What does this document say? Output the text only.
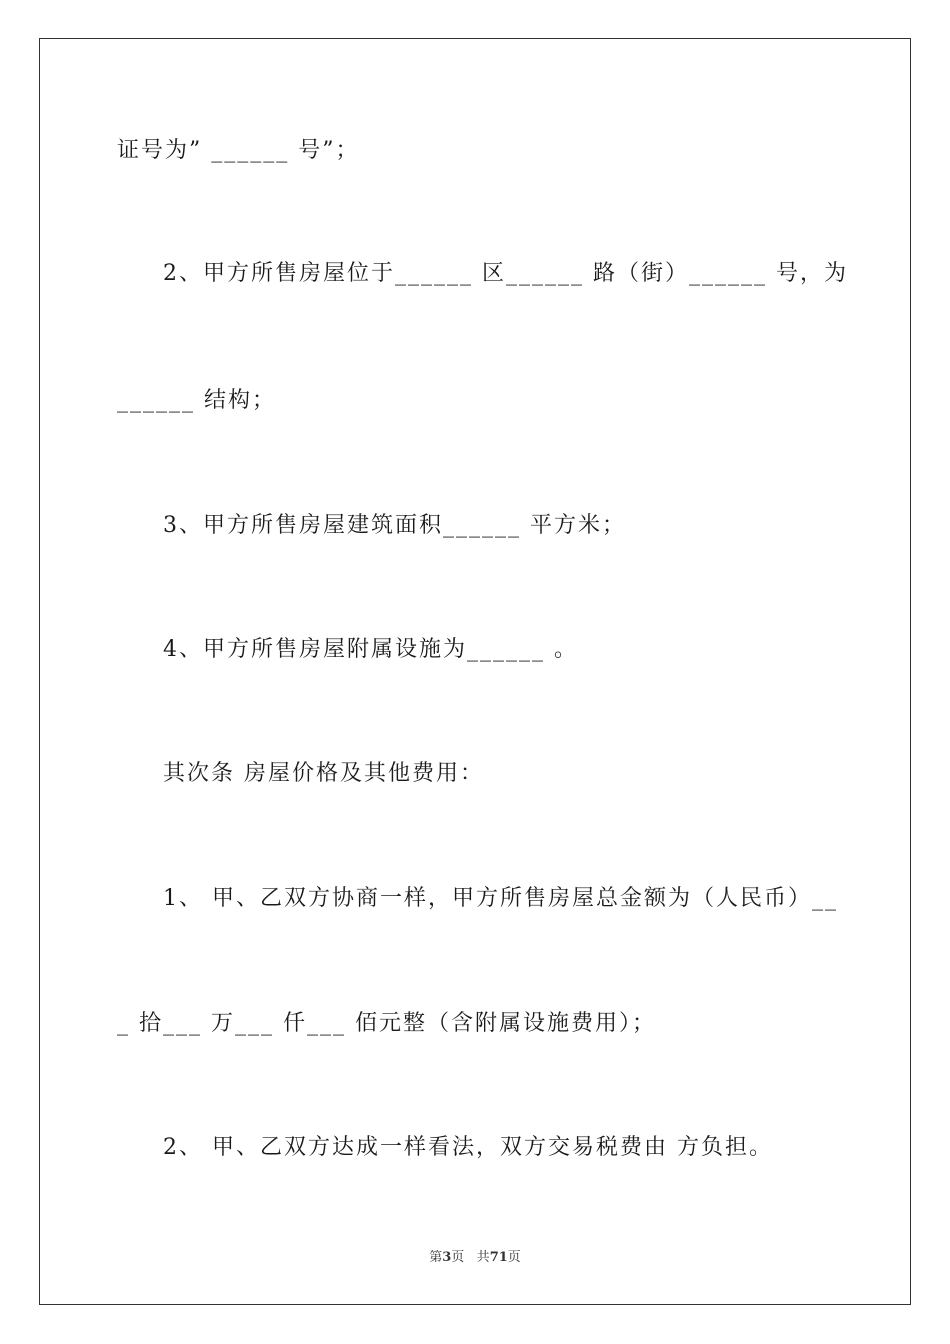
证号为” ______ 号”；
2、甲方所售房屋位于______ 区______ 路（街）______ 号，为
______ 结构；
3、甲方所售房屋建筑面积______ 平方米；
4、甲方所售房屋附属设施为______ 。
其次条 房屋价格及其他费用：
1、 甲、乙双方协商一样，甲方所售房屋总金额为（人民币）__
_ 拾___ 万___ 仟___ 佰元整（含附属设施费用）；
2、 甲、乙双方达成一样看法，双方交易税费由 方负担。
第3页 共71页
